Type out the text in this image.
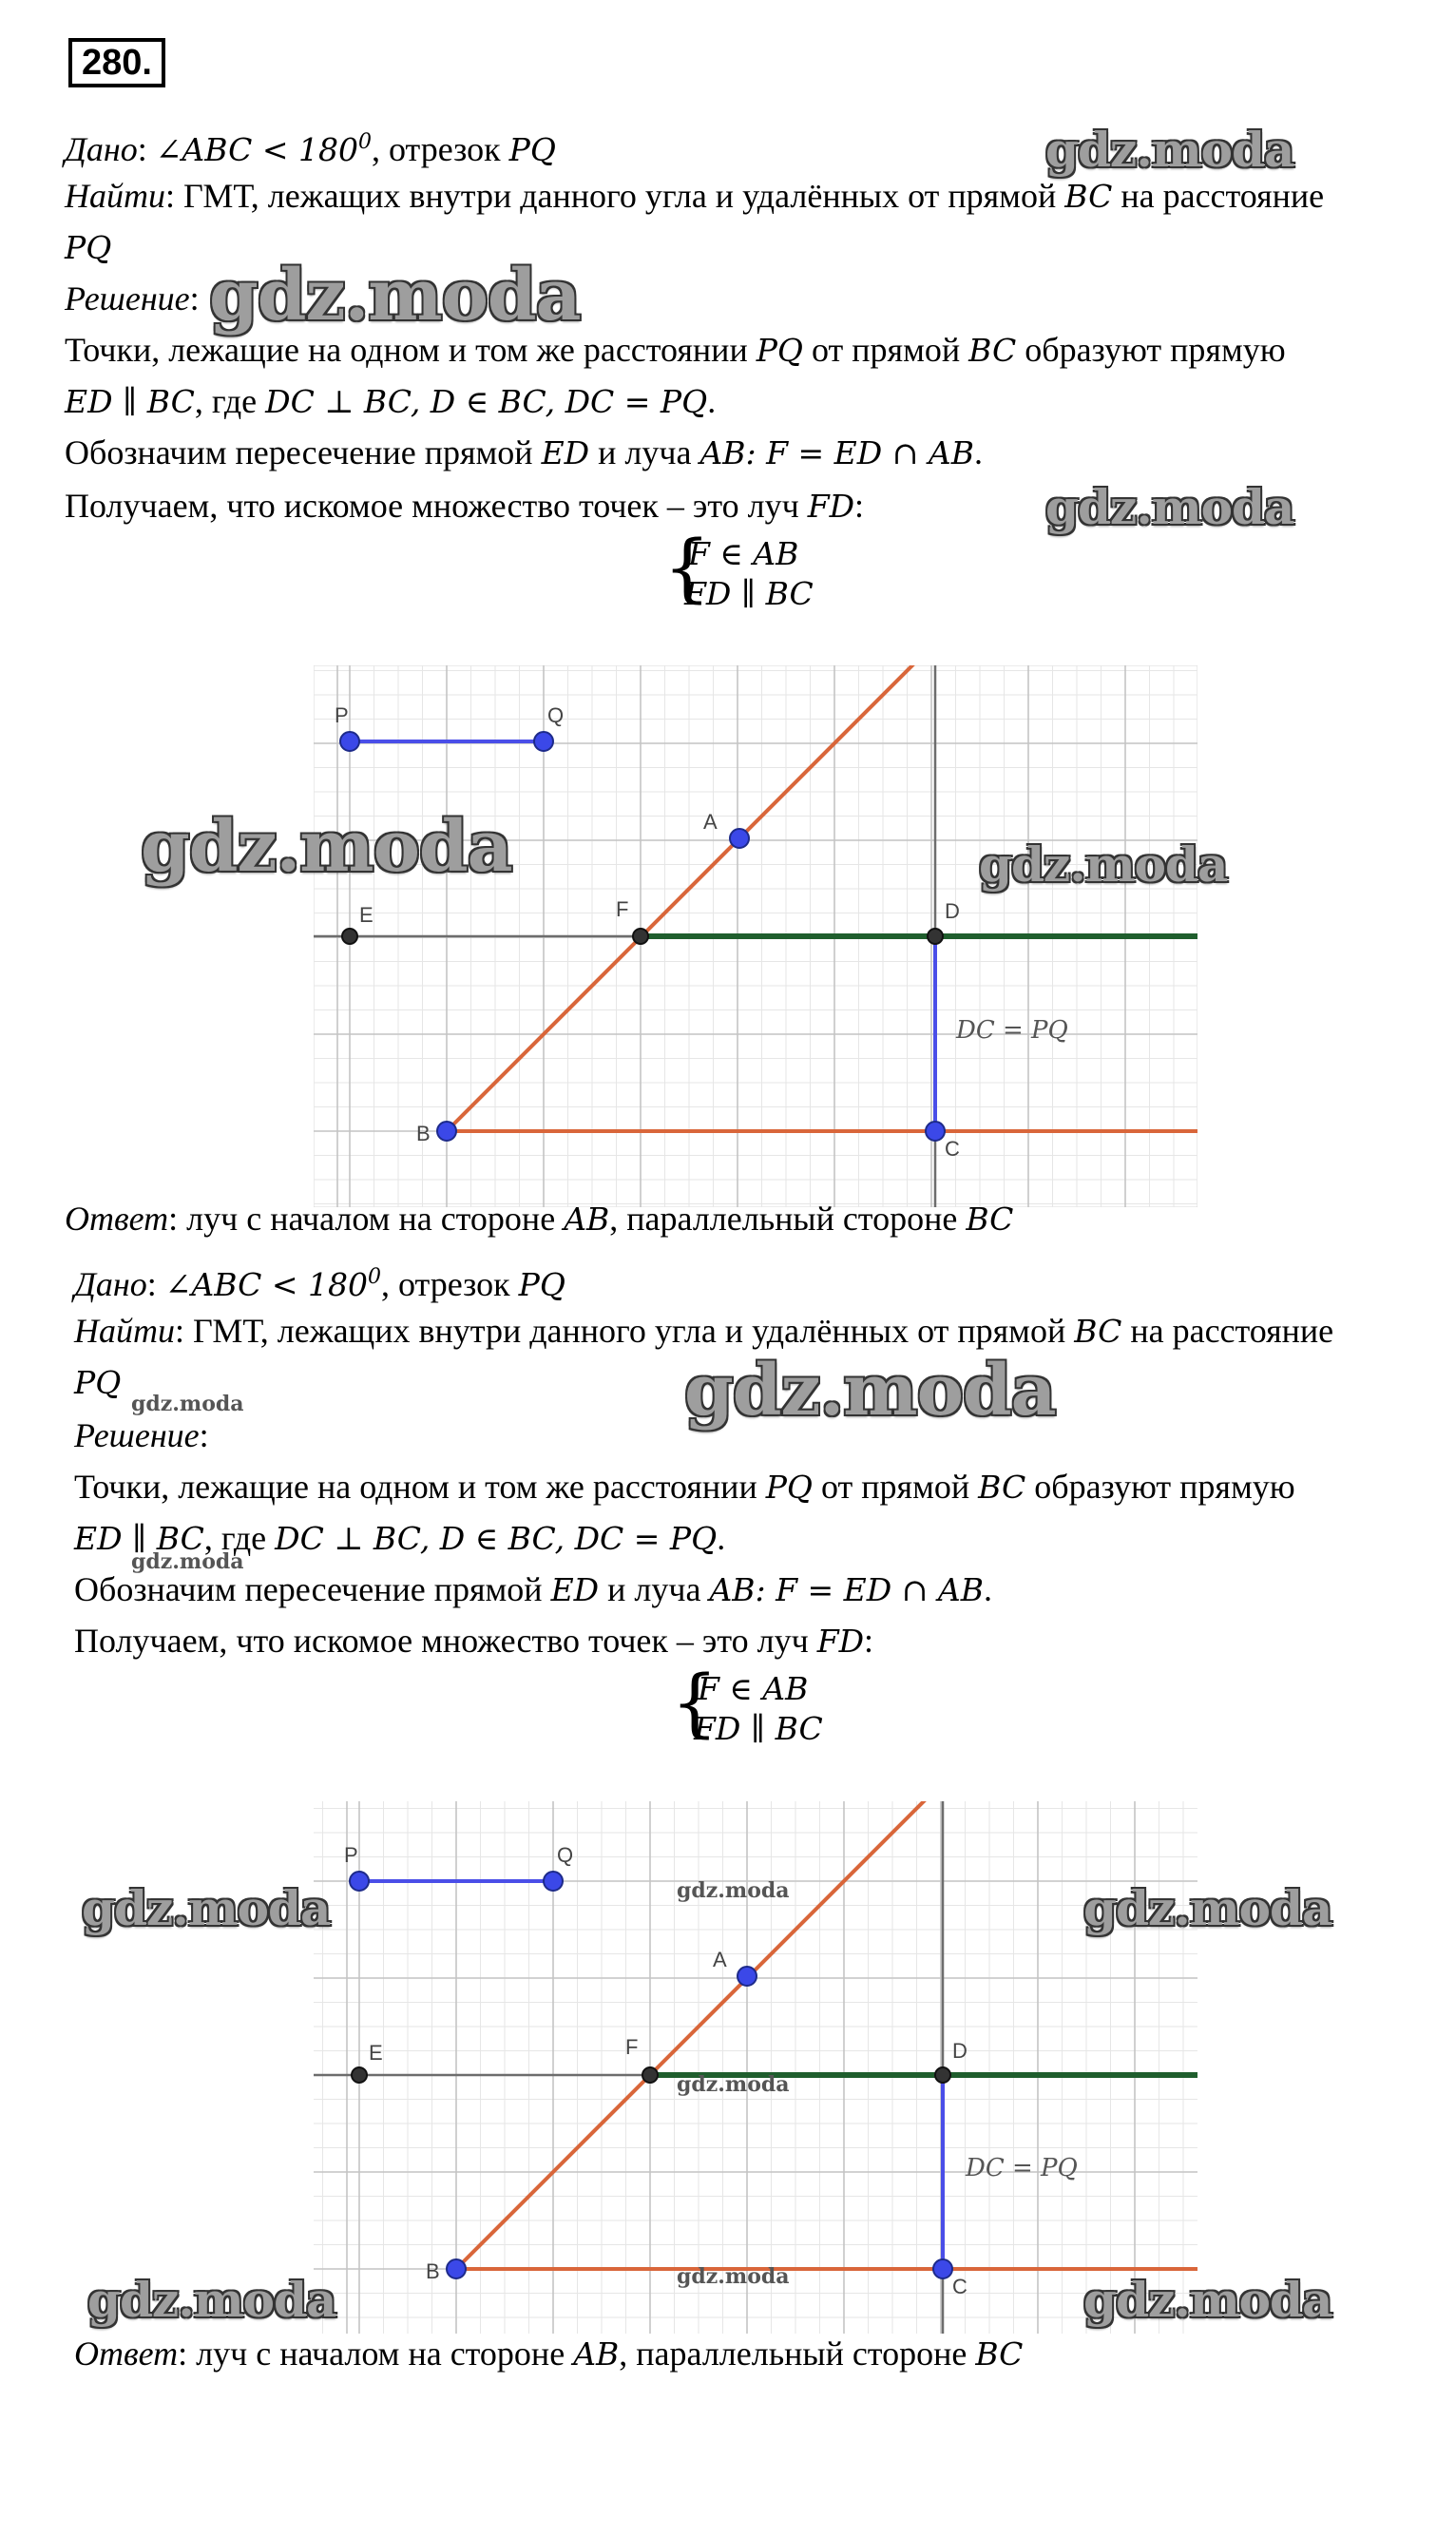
280.
Дано: ∠ABC < $180^0$, отрезок PQ
Найти: ГМТ, лежащих внутри данного угла и удалённых от прямой BC на расстояние
PQ
Решение:
Точки, лежащие на одном и том же расстоянии PQ от прямой BC образуют прямую
ED ∥ BC, где DC ⊥ BC, D ∈ BC, DC = PQ.
Обозначим пересечение прямой ED и луча AB: F = ED ∩ AB.
Получаем, что искомое множество точек – это луч FD:
{
F ∈ AB
FD ∥ BC
P	Q
A
E	F	D
B
C
DC = PQ
Ответ: луч с началом на стороне AB, параллельный стороне BC
Дано: ∠ABC < $180^0$, отрезок PQ
Найти: ГМТ, лежащих внутри данного угла и удалённых от прямой BC на расстояние
PQ
Решение:
Точки, лежащие на одном и том же расстоянии PQ от прямой BC образуют прямую
ED ∥ BC, где DC ⊥ BC, D ∈ BC, DC = PQ.
Обозначим пересечение прямой ED и луча AB: F = ED ∩ AB.
Получаем, что искомое множество точек – это луч FD:
{
F ∈ AB
FD ∥ BC
P	Q
A
E	F	D
B
C
DC = PQ
Ответ: луч с началом на стороне AB, параллельный стороне BC
gdz.moda
gdz.moda
gdz.moda
gdz.moda	gdz.moda
gdz.moda
gdz.moda	gdz.moda
gdz.moda	gdz.moda
gdz.moda
gdz.moda
gdz.moda
gdz.moda
gdz.moda
